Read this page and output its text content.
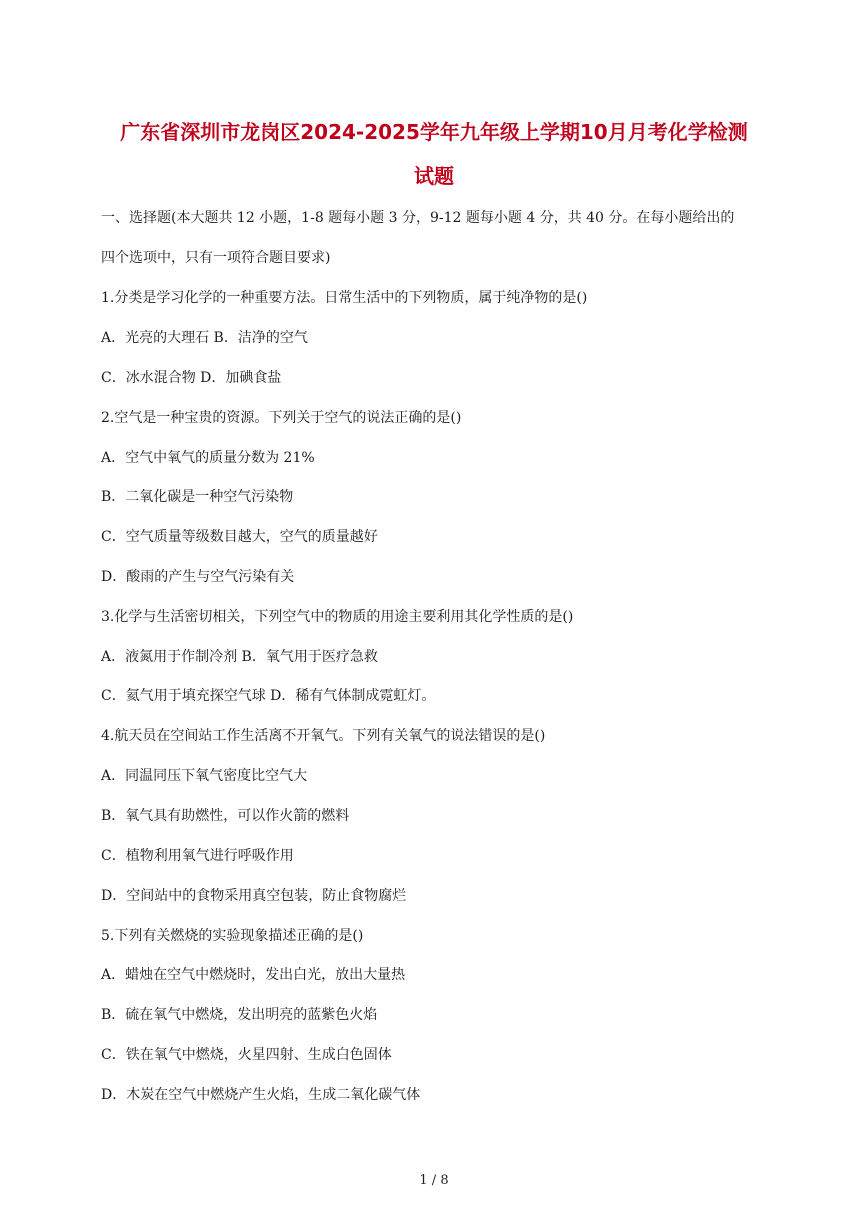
广东省深圳市龙岗区2024-2025学年九年级上学期10月月考化学检测
试题
一、选择题(本大题共 12 小题，1-8 题每小题 3 分，9-12 题每小题 4 分，共 40 分。在每小题给出的
四个选项中，只有一项符合题目要求)
1.分类是学习化学的一种重要方法。日常生活中的下列物质，属于纯净物的是()
A．光亮的大理石 B．洁净的空气
C．冰水混合物 D．加碘食盐
2.空气是一种宝贵的资源。下列关于空气的说法正确的是()
A．空气中氧气的质量分数为 21%
B．二氧化碳是一种空气污染物
C．空气质量等级数目越大，空气的质量越好
D．酸雨的产生与空气污染有关
3.化学与生活密切相关，下列空气中的物质的用途主要利用其化学性质的是()
A．液氮用于作制冷剂 B．氧气用于医疗急救
C．氦气用于填充探空气球 D．稀有气体制成霓虹灯。
4.航天员在空间站工作生活离不开氧气。下列有关氧气的说法错误的是()
A．同温同压下氧气密度比空气大
B．氧气具有助燃性，可以作火箭的燃料
C．植物利用氧气进行呼吸作用
D．空间站中的食物采用真空包装，防止食物腐烂
5.下列有关燃烧的实验现象描述正确的是()
A．蜡烛在空气中燃烧时，发出白光，放出大量热
B．硫在氧气中燃烧，发出明亮的蓝紫色火焰
C．铁在氧气中燃烧，火星四射、生成白色固体
D．木炭在空气中燃烧产生火焰，生成二氧化碳气体
1 / 8
